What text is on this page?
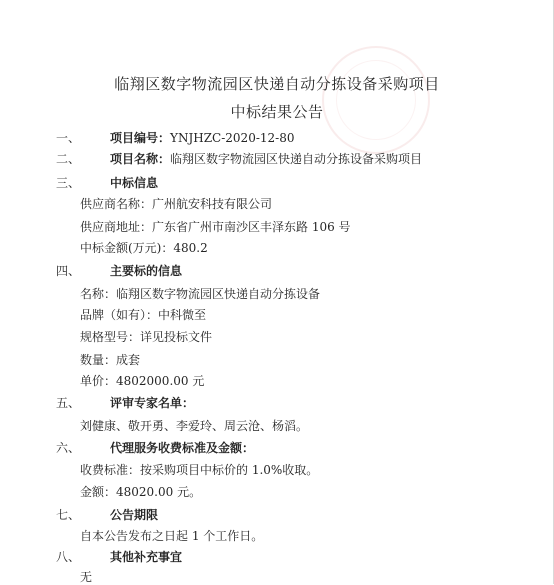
临翔区数字物流园区快递自动分拣设备采购项目
中标结果公告
一、 项目编号：YNJHZC-2020-12-80
二、 项目名称：临翔区数字物流园区快递自动分拣设备采购项目
三、 中标信息
供应商名称：广州航安科技有限公司
供应商地址：广东省广州市南沙区丰泽东路 106 号
中标金额(万元)：480.2
四、 主要标的信息
名称：临翔区数字物流园区快递自动分拣设备
品牌（如有）：中科微至
规格型号：详见投标文件
数量：成套
单价：4802000.00 元
五、 评审专家名单：
刘健康、敬开勇、李爱玲、周云沧、杨滔。
六、 代理服务收费标准及金额：
收费标准：按采购项目中标价的 1.0%收取。
金额：48020.00 元。
七、 公告期限
自本公告发布之日起 1 个工作日。
八、 其他补充事宜
无
